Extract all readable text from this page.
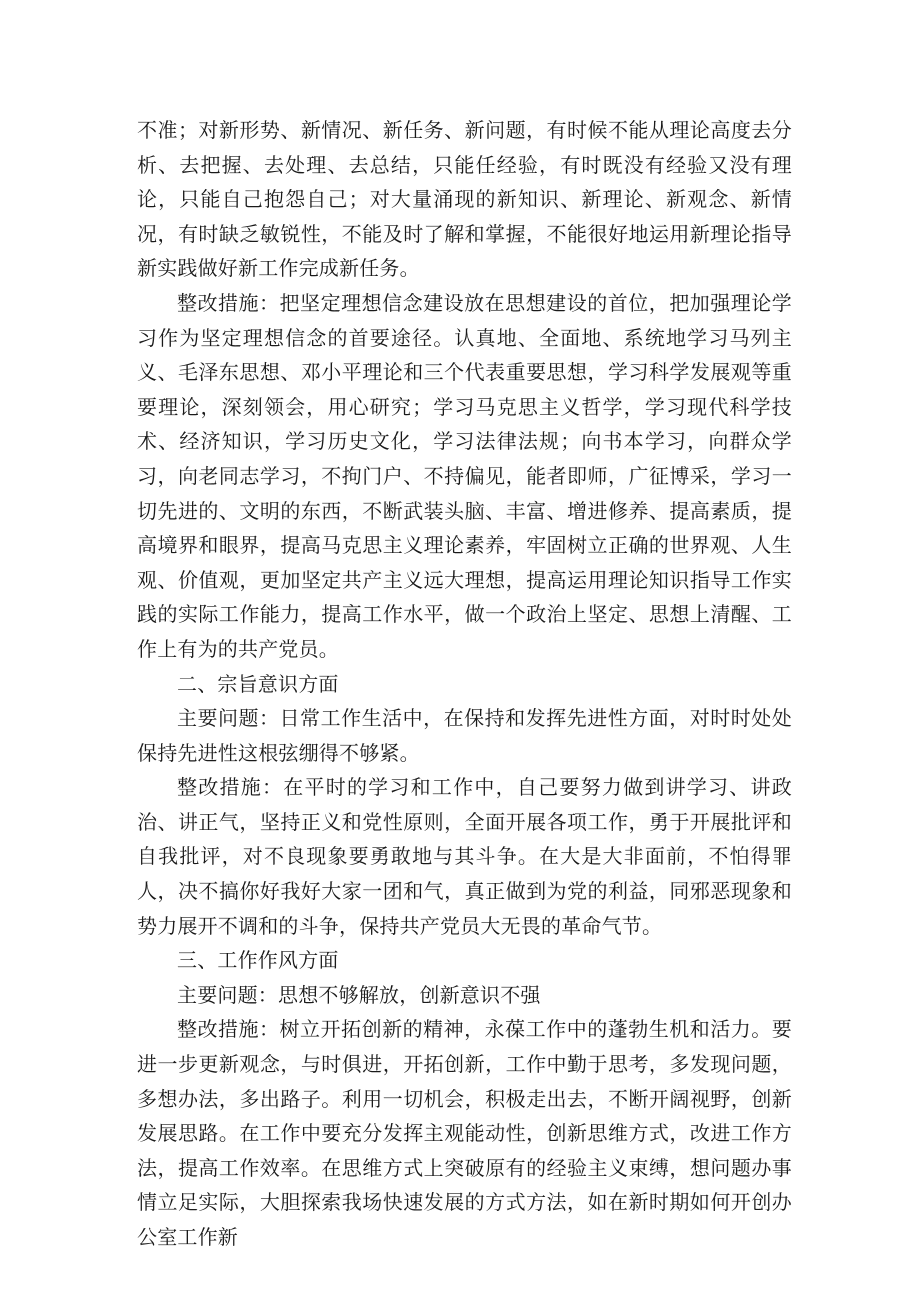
不准；对新形势、新情况、新任务、新问题，有时候不能从理论高度去分析、去把握、去处理、去总结，只能任经验，有时既没有经验又没有理论，只能自己抱怨自己；对大量涌现的新知识、新理论、新观念、新情况，有时缺乏敏锐性，不能及时了解和掌握，不能很好地运用新理论指导新实践做好新工作完成新任务。

整改措施：把坚定理想信念建设放在思想建设的首位，把加强理论学习作为坚定理想信念的首要途径。认真地、全面地、系统地学习马列主义、毛泽东思想、邓小平理论和三个代表重要思想，学习科学发展观等重要理论，深刻领会，用心研究；学习马克思主义哲学，学习现代科学技术、经济知识，学习历史文化，学习法律法规；向书本学习，向群众学习，向老同志学习，不拘门户、不持偏见，能者即师，广征博采，学习一切先进的、文明的东西，不断武装头脑、丰富、增进修养、提高素质，提高境界和眼界，提高马克思主义理论素养，牢固树立正确的世界观、人生观、价值观，更加坚定共产主义远大理想，提高运用理论知识指导工作实践的实际工作能力，提高工作水平，做一个政治上坚定、思想上清醒、工作上有为的共产党员。

二、宗旨意识方面

主要问题：日常工作生活中，在保持和发挥先进性方面，对时时处处保持先进性这根弦绷得不够紧。

整改措施：在平时的学习和工作中，自己要努力做到讲学习、讲政治、讲正气，坚持正义和党性原则，全面开展各项工作，勇于开展批评和自我批评，对不良现象要勇敢地与其斗争。在大是大非面前，不怕得罪人，决不搞你好我好大家一团和气，真正做到为党的利益，同邪恶现象和势力展开不调和的斗争，保持共产党员大无畏的革命气节。

三、工作作风方面

主要问题：思想不够解放，创新意识不强

整改措施：树立开拓创新的精神，永葆工作中的蓬勃生机和活力。要进一步更新观念，与时俱进，开拓创新，工作中勤于思考，多发现问题，多想办法，多出路子。利用一切机会，积极走出去，不断开阔视野，创新发展思路。在工作中要充分发挥主观能动性，创新思维方式，改进工作方法，提高工作效率。在思维方式上突破原有的经验主义束缚，想问题办事情立足实际，大胆探索我场快速发展的方式方法，如在新时期如何开创办公室工作新
